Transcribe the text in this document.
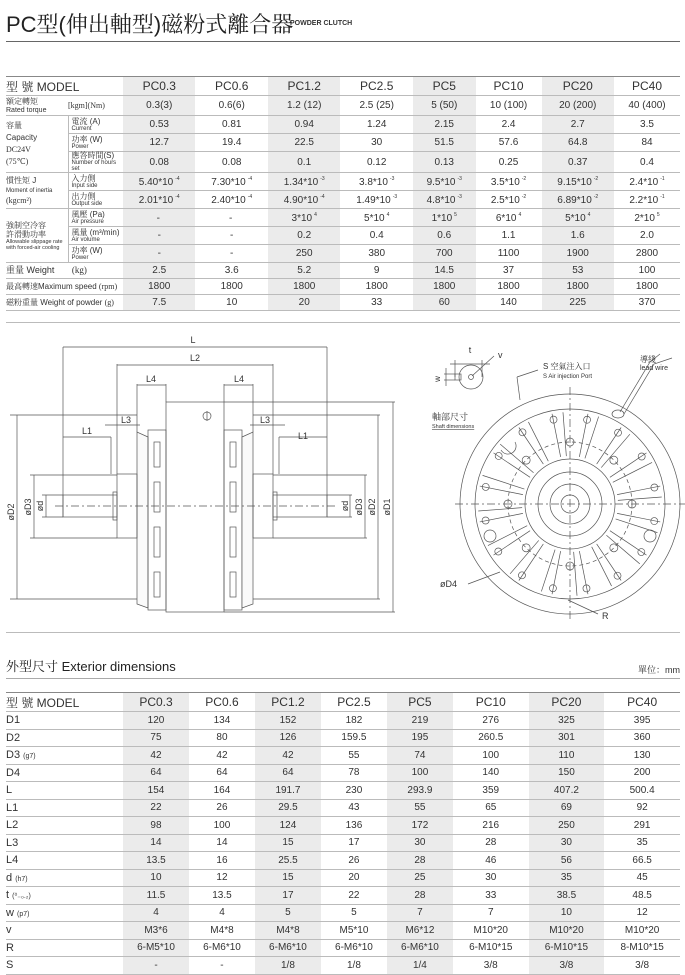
PC型(伸出軸型)磁粉式離合器
POWDER CLUTCH
型 號 MODEL		PC0.3	PC0.6	PC1.2	PC2.5	PC5	PC10	PC20	PC40
額定轉矩
Rated torque	[kgm](Nm)	0.3(3)	0.6(6)	1.2 (12)	2.5 (25)	5 (50)	10 (100)	20 (200)	40 (400)
容量
Capacity
DC24V
(75℃)	電流 (A)
Current	0.53	0.81	0.94	1.24	2.15	2.4	2.7	3.5
	功率 (W)
Power	12.7	19.4	22.5	30	51.5	57.6	64.8	84
	應答時間(S)
Number of hours set	0.08	0.08	0.1	0.12	0.13	0.25	0.37	0.4
慣性矩 J
Moment of inertia
(kgcm²)	入力側
Input side	5.40*10 $^{-4}$	7.30*10 $^{-4}$	1.34*10 $^{-3}$	3.8*10 $^{-3}$	9.5*10 $^{-3}$	3.5*10 $^{-2}$	9.15*10 $^{-2}$	2.4*10 $^{-1}$
	出力側
Output side	2.01*10 $^{-4}$	2.40*10 $^{-4}$	4.90*10 $^{-4}$	1.49*10 $^{-3}$	4.8*10 $^{-3}$	2.5*10 $^{-2}$	6.89*10 $^{-2}$	2.2*10 $^{-1}$
強制空冷容
許滑動功率

Allowable slippage rate with forced-air cooling	風壓 (Pa)
Air pressure	-	-	3*10 $^4$	5*10 $^4$	1*10 $^5$	6*10 $^4$	5*10 $^4$	2*10 $^5$
	風量 (m³/min)
Air volume	-	-	0.2	0.4	0.6	1.1	1.6	2.0
	功率 (W)
Power	-	-	250	380	700	1100	1900	2800
重量 Weight (kg)		2.5	3.6	5.2	9	14.5	37	53	100
最高轉速Maximum speed (rpm)		1800	1800	1800	1800	1800	1800	1800	1800
磁粉重量 Weight of powder (g)		7.5	10	20	33	60	140	225	370
L
L2
L4	L4
L3	L3
L1	L1
øD2 øD3 ød	ød øD3 øD2 øD1
t	v
w
軸部尺寸
Shaft dimensions
S 空氣注入口
S Air injection Port
導綫
lead wire
øD4
R
外型尺寸 Exterior dimensions	單位：mm
型 號 MODEL	PC0.3	PC0.6	PC1.2	PC2.5	PC5	PC10	PC20	PC40
D1	120	134	152	182	219	276	325	395
D2	75	80	126	159.5	195	260.5	301	360
D3 (g7)	42	42	42	55	74	100	110	130
D4	64	64	64	78	100	140	150	200
L	154	164	191.7	230	293.9	359	407.2	500.4
L1	22	26	29.5	43	55	65	69	92
L2	98	100	124	136	172	216	250	291
L3	14	14	15	17	30	28	30	35
L4	13.5	16	25.5	26	28	46	56	66.5
d (h7)	10	12	15	20	25	30	35	45
t (⁰₋₀.₂)	11.5	13.5	17	22	28	33	38.5	48.5
w (p7)	4	4	5	5	7	7	10	12
v	M3*6	M4*8	M4*8	M5*10	M6*12	M10*20	M10*20	M10*20
R	6-M5*10	6-M6*10	6-M6*10	6-M6*10	6-M6*10	6-M10*15	6-M10*15	8-M10*15
S	-	-	1/8	1/8	1/4	3/8	3/8	3/8
